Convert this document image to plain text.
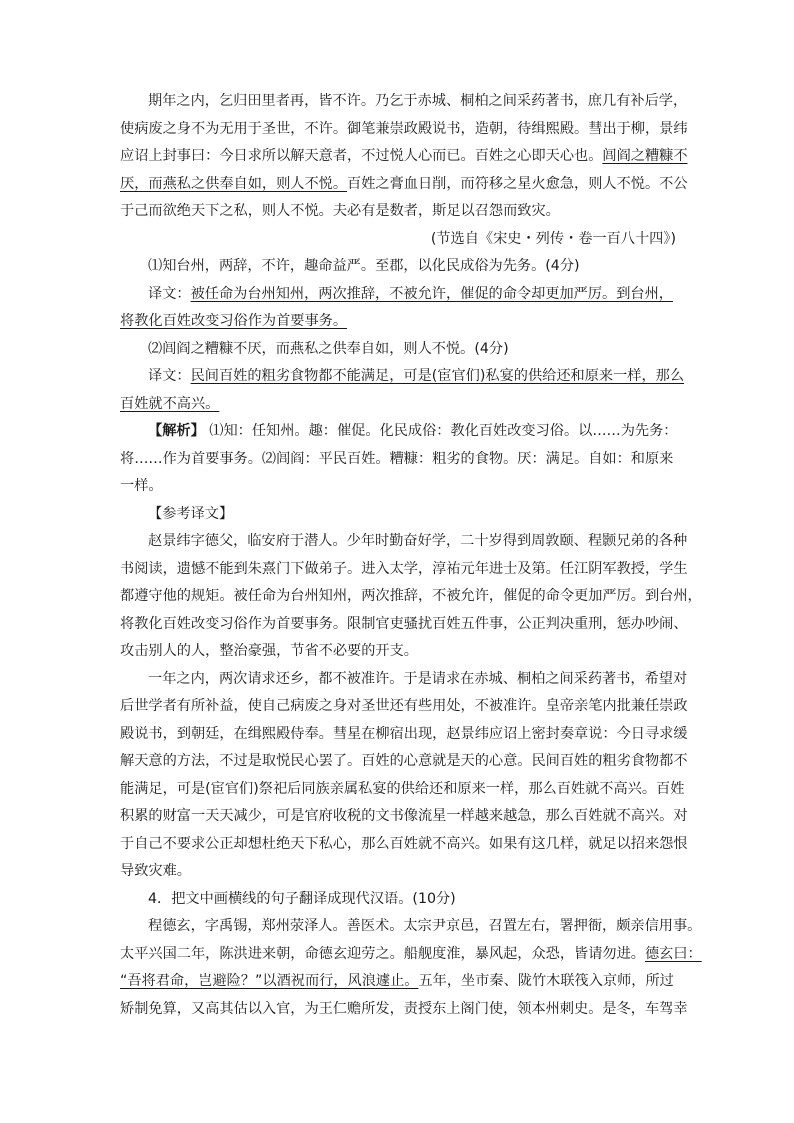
期年之内，乞归田里者再，皆不许。乃乞于赤城、桐柏之间采药著书，庶几有补后学，
使病废之身不为无用于圣世，不许。御笔兼崇政殿说书，造朝，待缉熙殿。彗出于柳，景纬
应诏上封事曰：今日求所以解天意者，不过悦人心而已。百姓之心即天心也。闾阎之糟糠不
厌，而燕私之供奉自如，则人不悦。百姓之膏血日削，而符移之星火愈急，则人不悦。不公
于己而欲绝天下之私，则人不悦。夫必有是数者，斯足以召怨而致灾。
(节选自《宋史・列传・卷一百八十四》)
⑴知台州，两辞，不许，趣命益严。至郡，以化民成俗为先务。(4分)
译文：被任命为台州知州，两次推辞，不被允许，催促的命令却更加严厉。到台州，
将教化百姓改变习俗作为首要事务。
⑵闾阎之糟糠不厌，而燕私之供奉自如，则人不悦。(4分)
译文：民间百姓的粗劣食物都不能满足，可是(宦官们)私宴的供给还和原来一样，那么
百姓就不高兴。
【解析】 ⑴知：任知州。趣：催促。化民成俗：教化百姓改变习俗。以……为先务：
将……作为首要事务。⑵闾阎：平民百姓。糟糠：粗劣的食物。厌：满足。自如：和原来
一样。
【参考译文】
赵景纬字德父，临安府于潜人。少年时勤奋好学，二十岁得到周敦颐、程颢兄弟的各种
书阅读，遗憾不能到朱熹门下做弟子。进入太学，淳祐元年进士及第。任江阴军教授，学生
都遵守他的规矩。被任命为台州知州，两次推辞，不被允许，催促的命令更加严厉。到台州，
将教化百姓改变习俗作为首要事务。限制官吏骚扰百姓五件事，公正判决重刑，惩办吵闹、
攻击别人的人，整治豪强，节省不必要的开支。
一年之内，两次请求还乡，都不被准许。于是请求在赤城、桐柏之间采药著书，希望对
后世学者有所补益，使自己病废之身对圣世还有些用处，不被准许。皇帝亲笔内批兼任崇政
殿说书，到朝廷，在缉熙殿侍奉。彗星在柳宿出现，赵景纬应诏上密封奏章说：今日寻求缓
解天意的方法，不过是取悦民心罢了。百姓的心意就是天的心意。民间百姓的粗劣食物都不
能满足，可是(宦官们)祭祀后同族亲属私宴的供给还和原来一样，那么百姓就不高兴。百姓
积累的财富一天天减少，可是官府收税的文书像流星一样越来越急，那么百姓就不高兴。对
于自己不要求公正却想杜绝天下私心，那么百姓就不高兴。如果有这几样，就足以招来怨恨
导致灾难。
4．把文中画横线的句子翻译成现代汉语。(10分)
程德玄，字禹锡，郑州荥泽人。善医术。太宗尹京邑，召置左右，署押衙，颇亲信用事。
太平兴国二年，陈洪进来朝，命德玄迎劳之。船舰度淮，暴风起，众恐，皆请勿进。德玄曰：
“吾将君命，岂避险？”以酒祝而行，风浪遽止。五年，坐市秦、陇竹木联筏入京师，所过
矫制免算，又高其估以入官，为王仁赡所发，责授东上阁门使，领本州刺史。是冬，车驾幸
